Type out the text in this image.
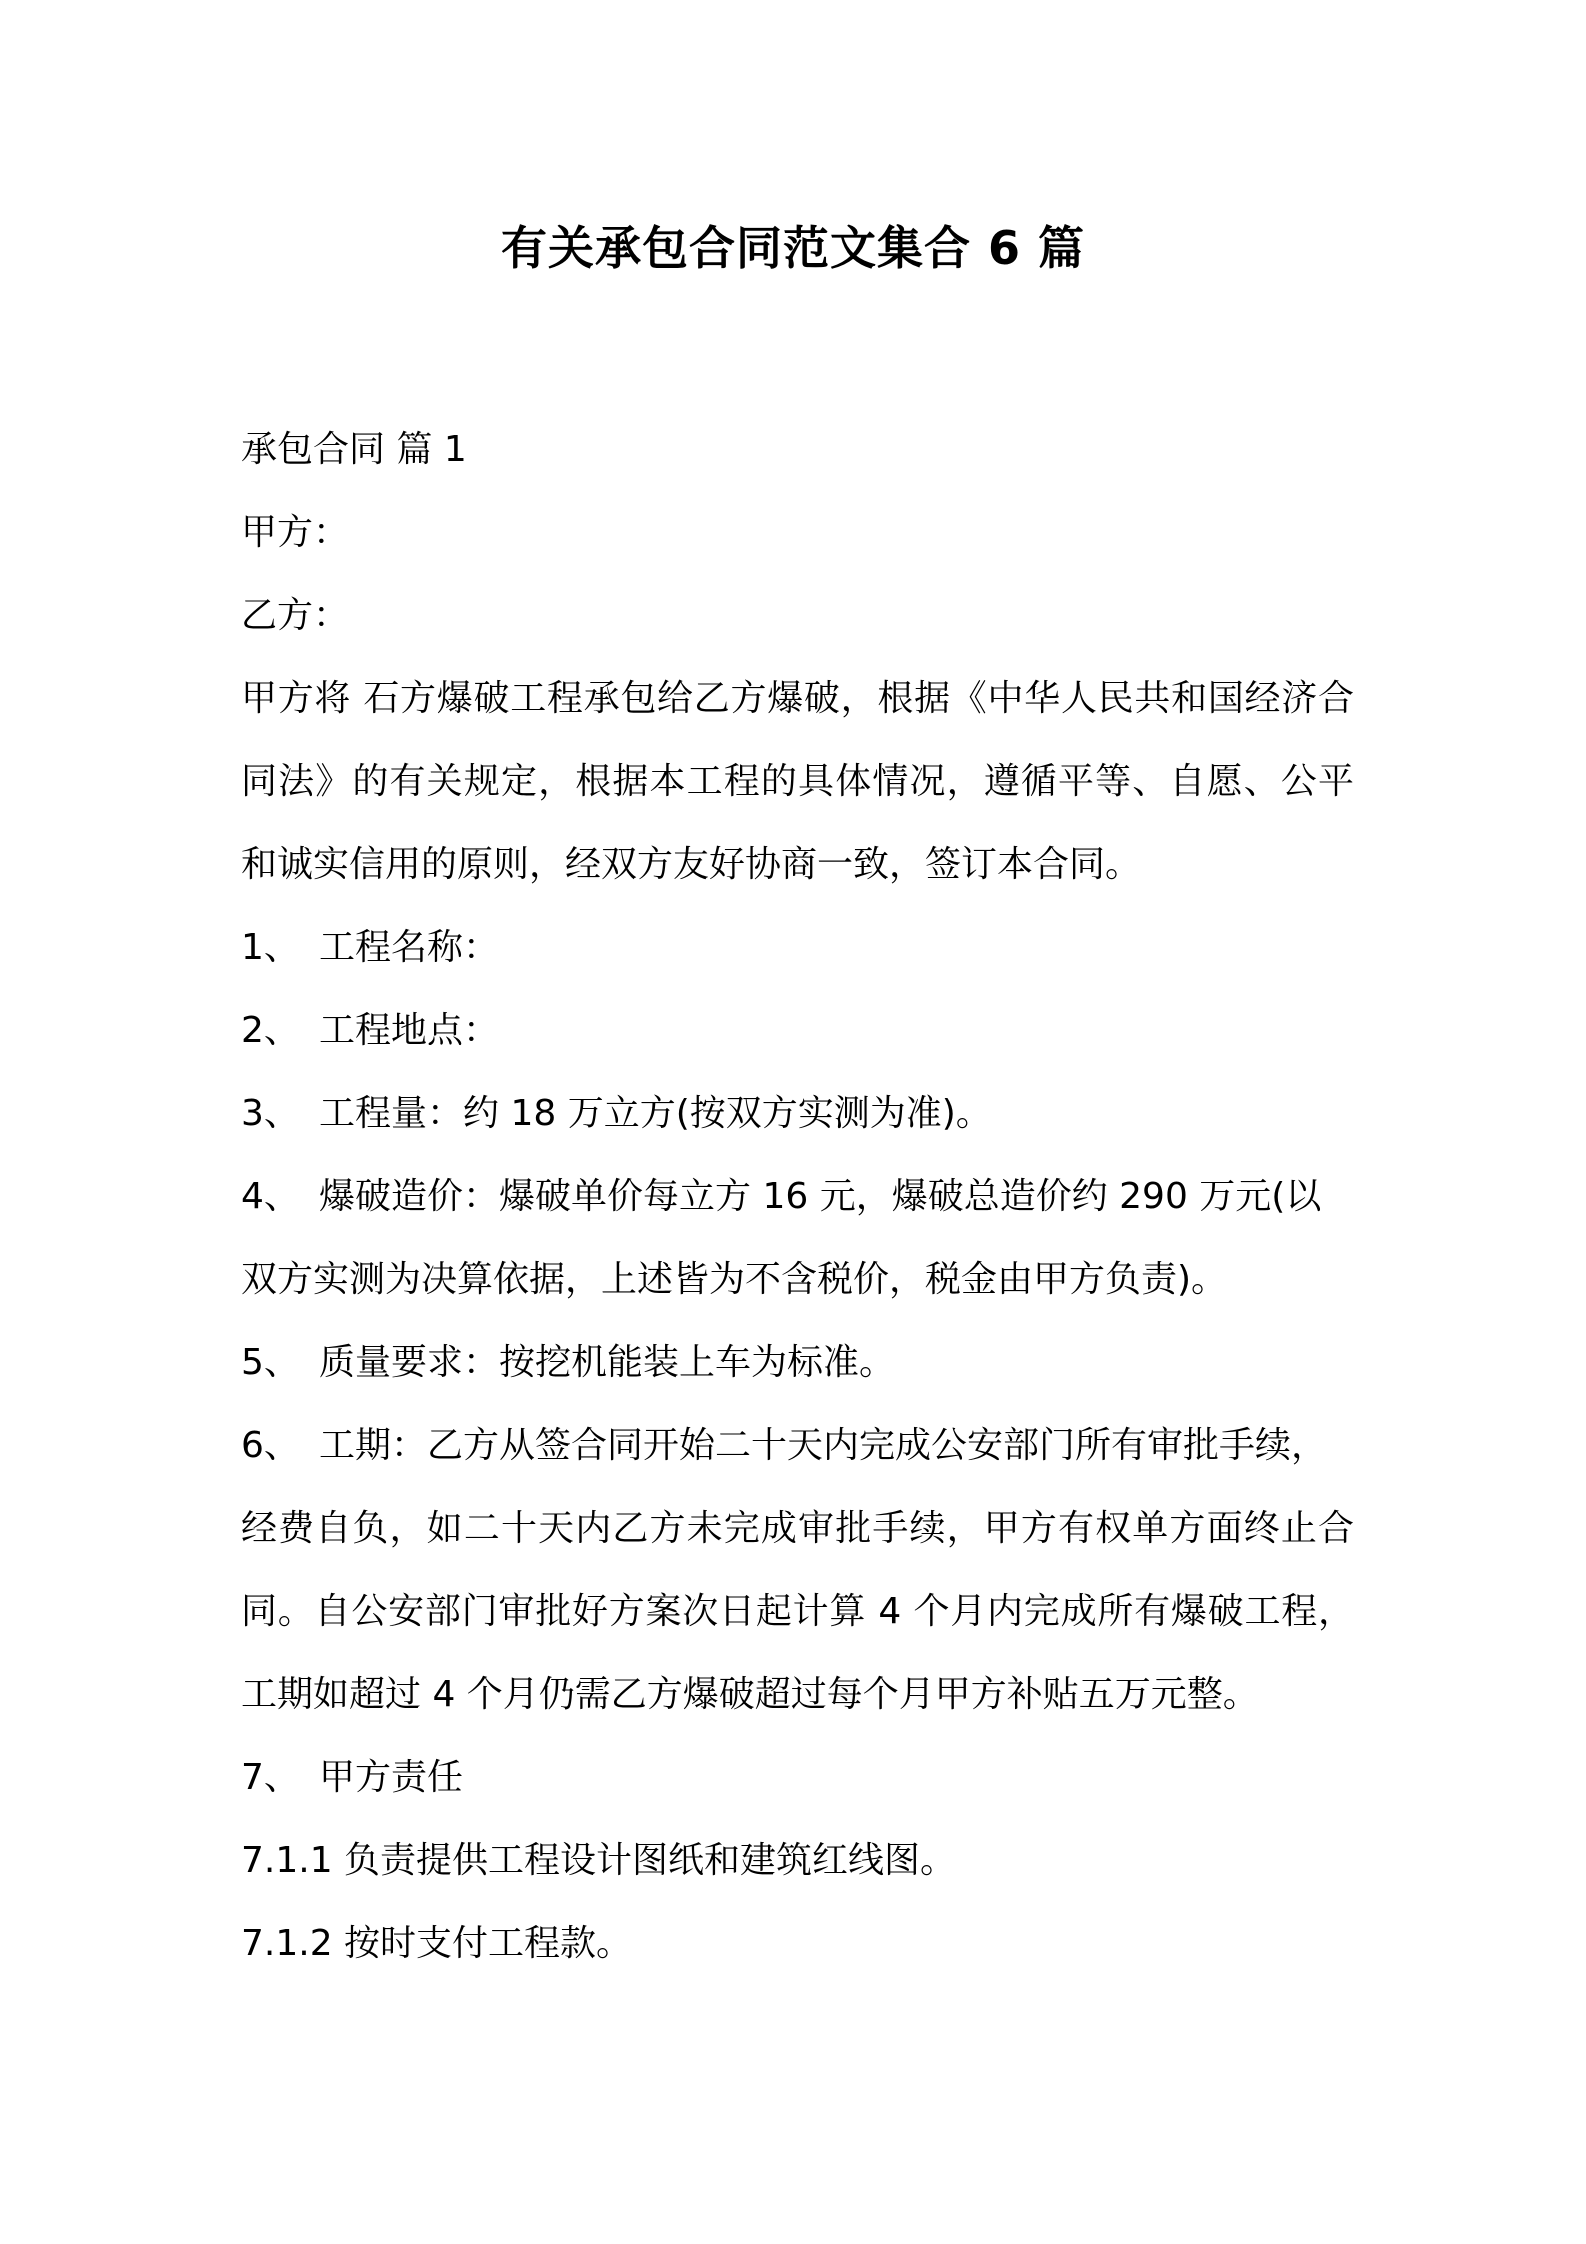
有关承包合同范文集合 6 篇

承包合同 篇 1

甲方：

乙方：

甲方将 石方爆破工程承包给乙方爆破，根据《中华人民共和国经济合同法》的有关规定，根据本工程的具体情况，遵循平等、自愿、公平和诚实信用的原则，经双方友好协商一致，签订本合同。

1、 工程名称：

2、 工程地点：

3、 工程量：约 18 万立方(按双方实测为准)。

4、 爆破造价：爆破单价每立方 16 元，爆破总造价约 290 万元(以

双方实测为决算依据，上述皆为不含税价，税金由甲方负责)。

5、 质量要求：按挖机能装上车为标准。

6、 工期：乙方从签合同开始二十天内完成公安部门所有审批手续，

经费自负，如二十天内乙方未完成审批手续，甲方有权单方面终止合同。自公安部门审批好方案次日起计算 4 个月内完成所有爆破工程，工期如超过 4 个月仍需乙方爆破超过每个月甲方补贴五万元整。

7、 甲方责任

7.1.1 负责提供工程设计图纸和建筑红线图。

7.1.2 按时支付工程款。
